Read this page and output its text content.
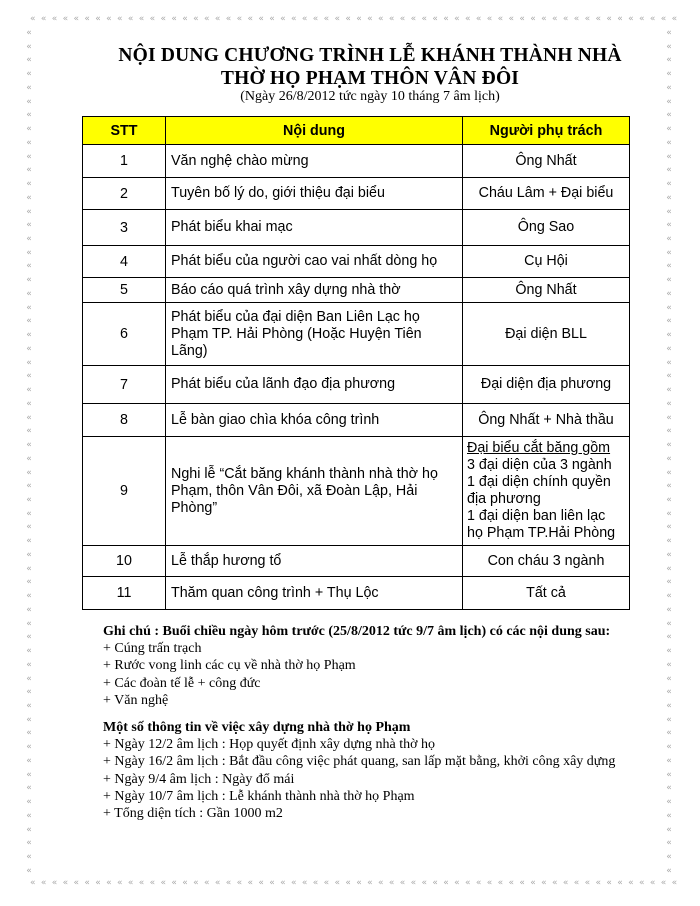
« « « « « « « « « « « « « « « « « « « « « « « « « « « « « « « « « « « « « « « « « « « « « « « « « « « « « « « « « « « «
« « « « « « « « « « « « « « « « « « « « « « « « « « « « « « « « « « « « « « « « « « « « « « « « « « « « « « « « « « « «
«
«
«
«
«
«
«
«
«
«
«
«
«
«
«
«
«
«
«
«
«
«
«
«
«
«
«
«
«
«
«
«
«
«
«
«
«
«
«
«
«
«
«
«
«
«
«
«
«
«
«
«
«
«
«
«
«
«
«
«
«
«
«
«
«
«
«
«
«
«
«
«
«
«
«
«
«
«
«
«
«
«
«
«
«
«
«
«
«
«
«
«
«
«
«
«
«
«
«
«
«
«
«
«
«
«
«
«
«
«
«
«
«
«
«
«
«
«
«
«
«
«
«
«
NỘI DUNG CHƯƠNG TRÌNH LỄ KHÁNH THÀNH NHÀ
THỜ HỌ PHẠM THÔN VÂN ĐÔI
(Ngày 26/8/2012 tức ngày 10 tháng 7 âm lịch)
STT	Nội dung	Người phụ trách
1	Văn nghệ chào mừng	Ông Nhất
2	Tuyên bố lý do, giới thiệu đại biểu	Cháu Lâm + Đại biểu
3	Phát biểu khai mạc	Ông Sao
4	Phát biểu của người cao vai nhất dòng họ	Cụ Hội
5	Báo cáo quá trình xây dựng nhà thờ	Ông Nhất
6	Phát biểu của đại diện Ban Liên Lạc họ Phạm TP. Hải Phòng (Hoặc Huyện Tiên Lãng)	Đại diện BLL
7	Phát biểu của lãnh đạo địa phương	Đại diện địa phương
8	Lễ bàn giao chìa khóa công trình	Ông Nhất + Nhà thầu
9	Nghi lễ “Cắt băng khánh thành nhà thờ họ Phạm, thôn Vân Đôi, xã Đoàn Lập, Hải Phòng”	Đại biểu cắt băng gồm
3 đại diện của 3 ngành
1 đại diện chính quyền địa phương
1 đại diện ban liên lạc họ Phạm TP.Hải Phòng

10	Lễ thắp hương tổ	Con cháu 3 ngành
11	Thăm quan công trình + Thụ Lộc	Tất cả
Ghi chú : Buổi chiều ngày hôm trước (25/8/2012 tức 9/7 âm lịch) có các nội dung sau:
+ Cúng trấn trạch
+ Rước vong linh các cụ về nhà thờ họ Phạm
+ Các đoàn tế lễ + công đức
+ Văn nghệ
Một số thông tin về việc xây dựng nhà thờ họ Phạm
+ Ngày 12/2 âm lịch : Họp quyết định xây dựng nhà thờ họ
+ Ngày 16/2 âm lịch : Bắt đầu công việc phát quang, san lấp mặt bằng, khởi công xây dựng
+ Ngày 9/4 âm lịch : Ngày đổ mái
+ Ngày 10/7 âm lịch : Lễ khánh thành nhà thờ họ Phạm
+ Tổng diện tích : Gần 1000 m2
